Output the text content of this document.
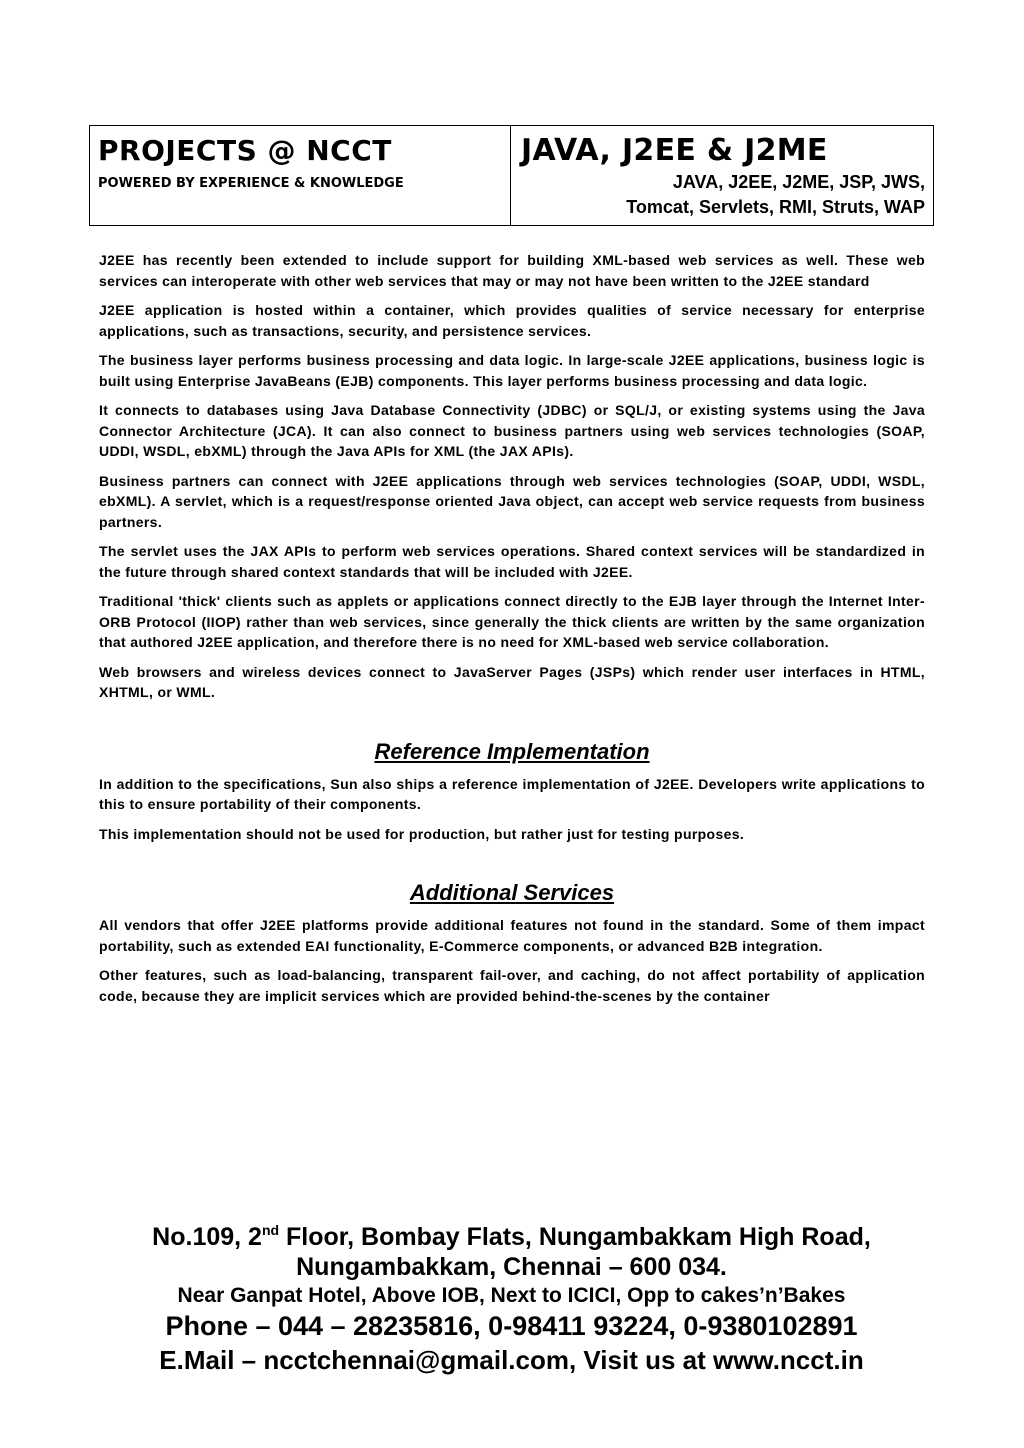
PROJECTS @ NCCT
POWERED BY EXPERIENCE & KNOWLEDGE
JAVA, J2EE & J2ME
JAVA, J2EE, J2ME, JSP, JWS,
Tomcat, Servlets, RMI, Struts, WAP

J2EE has recently been extended to include support for building XML-based web services as well. These web services can interoperate with other web services that may or may not have been written to the J2EE standard

J2EE application is hosted within a container, which provides qualities of service necessary for enterprise applications, such as transactions, security, and persistence services.

The business layer performs business processing and data logic. In large-scale J2EE applications, business logic is built using Enterprise JavaBeans (EJB) components. This layer performs business processing and data logic.

It connects to databases using Java Database Connectivity (JDBC) or SQL/J, or existing systems using the Java Connector Architecture (JCA). It can also connect to business partners using web services technologies (SOAP, UDDI, WSDL, ebXML) through the Java APIs for XML (the JAX APIs).

Business partners can connect with J2EE applications through web services technologies (SOAP, UDDI, WSDL, ebXML). A servlet, which is a request/response oriented Java object, can accept web service requests from business partners.

The servlet uses the JAX APIs to perform web services operations. Shared context services will be standardized in the future through shared context standards that will be included with J2EE.

Traditional 'thick' clients such as applets or applications connect directly to the EJB layer through the Internet Inter-ORB Protocol (IIOP) rather than web services, since generally the thick clients are written by the same organization that authored J2EE application, and therefore there is no need for XML-based web service collaboration.

Web browsers and wireless devices connect to JavaServer Pages (JSPs) which render user interfaces in HTML, XHTML, or WML.

Reference Implementation

In addition to the specifications, Sun also ships a reference implementation of J2EE. Developers write applications to this to ensure portability of their components.

This implementation should not be used for production, but rather just for testing purposes.

Additional Services

All vendors that offer J2EE platforms provide additional features not found in the standard. Some of them impact portability, such as extended EAI functionality, E-Commerce components, or advanced B2B integration.

Other features, such as load-balancing, transparent fail-over, and caching, do not affect portability of application code, because they are implicit services which are provided behind-the-scenes by the container

No.109, 2nd Floor, Bombay Flats, Nungambakkam High Road,
Nungambakkam, Chennai – 600 034.
Near Ganpat Hotel, Above IOB, Next to ICICI, Opp to cakes’n’Bakes
Phone – 044 – 28235816, 0-98411 93224, 0-9380102891
E.Mail – ncctchennai@gmail.com, Visit us at www.ncct.in
